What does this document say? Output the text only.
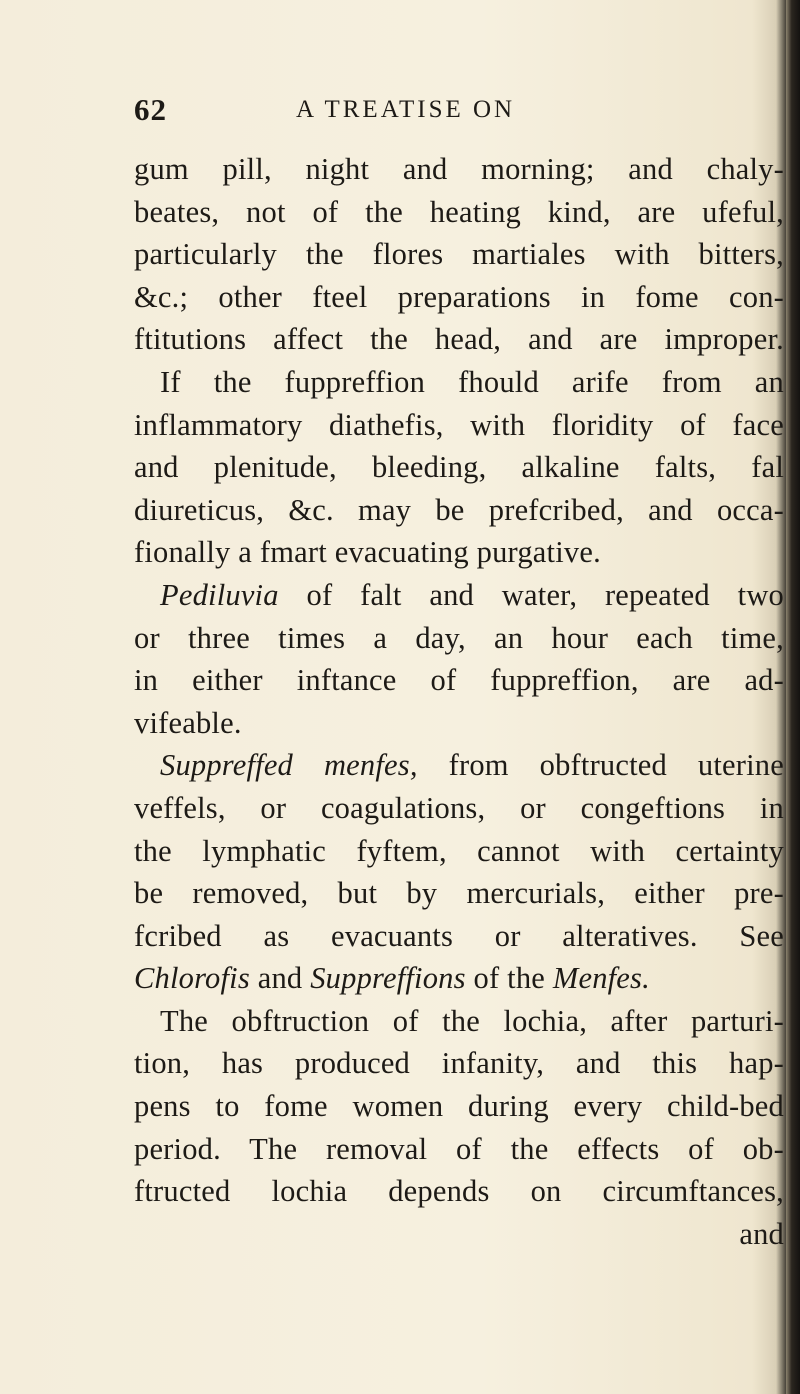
62	A TREATISE ON
gum pill, night and morning; and chaly-
beates, not of the heating kind, are ufeful,
particularly the flores martiales with bitters,
&c.; other fteel preparations in fome con-
ftitutions affect the head, and are improper.
If the fuppreffion fhould arife from an
inflammatory diathefis, with floridity of face
and plenitude, bleeding, alkaline falts, fal
diureticus, &c. may be prefcribed, and occa-
fionally a fmart evacuating purgative.
Pediluvia of falt and water, repeated two
or three times a day, an hour each time,
in either inftance of fuppreffion, are ad-
vifeable.
Suppreffed menfes, from obftructed uterine
veffels, or coagulations, or congeftions in
the lymphatic fyftem, cannot with certainty
be removed, but by mercurials, either pre-
fcribed as evacuants or alteratives. See
Chlorofis and Suppreffions of the Menfes.
The obftruction of the lochia, after parturi-
tion, has produced infanity, and this hap-
pens to fome women during every child-bed
period. The removal of the effects of ob-
ftructed lochia depends on circumftances,
and
